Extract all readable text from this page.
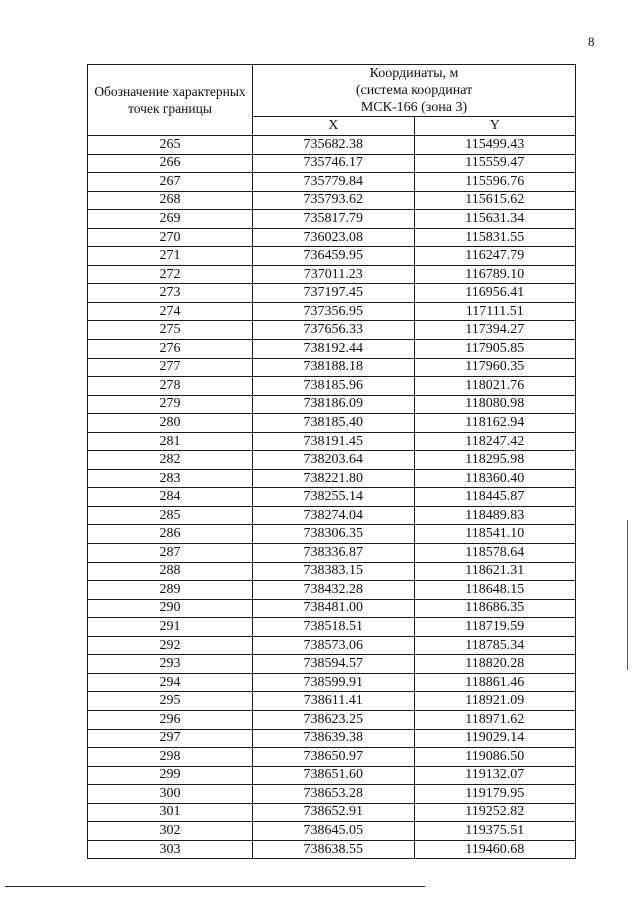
8
Обозначение характерных точек границы	Координаты, м
(система координат
МСК-166 (зона 3)	

	X	Y
265	735682.38	115499.43
266	735746.17	115559.47
267	735779.84	115596.76
268	735793.62	115615.62
269	735817.79	115631.34
270	736023.08	115831.55
271	736459.95	116247.79
272	737011.23	116789.10
273	737197.45	116956.41
274	737356.95	117111.51
275	737656.33	117394.27
276	738192.44	117905.85
277	738188.18	117960.35
278	738185.96	118021.76
279	738186.09	118080.98
280	738185.40	118162.94
281	738191.45	118247.42
282	738203.64	118295.98
283	738221.80	118360.40
284	738255.14	118445.87
285	738274.04	118489.83
286	738306.35	118541.10
287	738336.87	118578.64
288	738383.15	118621.31
289	738432.28	118648.15
290	738481.00	118686.35
291	738518.51	118719.59
292	738573.06	118785.34
293	738594.57	118820.28
294	738599.91	118861.46
295	738611.41	118921.09
296	738623.25	118971.62
297	738639.38	119029.14
298	738650.97	119086.50
299	738651.60	119132.07
300	738653.28	119179.95
301	738652.91	119252.82
302	738645.05	119375.51
303	738638.55	119460.68
